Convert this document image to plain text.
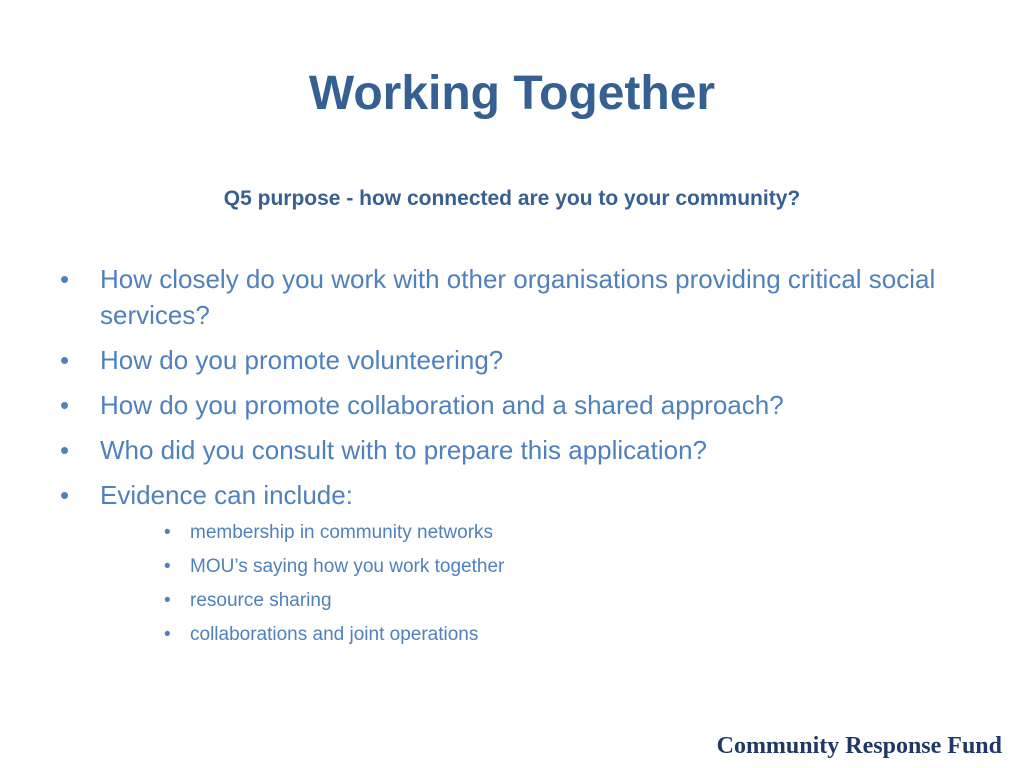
Working Together
Q5 purpose - how connected are you to your community?
•	How closely do you work with other organisations providing critical social services?
•	How do you promote volunteering?
•	How do you promote collaboration and a shared approach?
•	Who did you consult with to prepare this application?
•	Evidence can include:
•	membership in community networks
•	MOU’s saying how you work together
•	resource sharing
•	collaborations and joint operations
Community Response Fund
